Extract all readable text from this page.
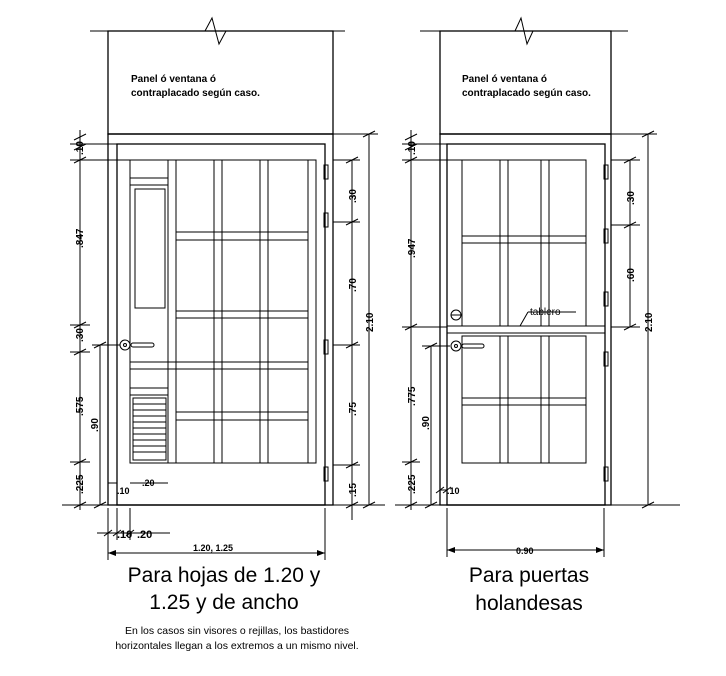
Panel ó ventana ó
contraplacado según caso.
.10
.847
.30
.575
.225
.90
.30
.70
.75
.15
2.10
.10
.20
.10 .20
1.20, 1.25
Para hojas de 1.20 y
1.25 y de ancho
En los casos sin visores o rejillas, los bastidores
horizontales llegan a los extremos a un mismo nivel.
Panel ó ventana ó
contraplacado según caso.
tablero
.10
.947
.775
.225
.90
.30
.60
2.10
.10
0.90
Para puertas
holandesas
